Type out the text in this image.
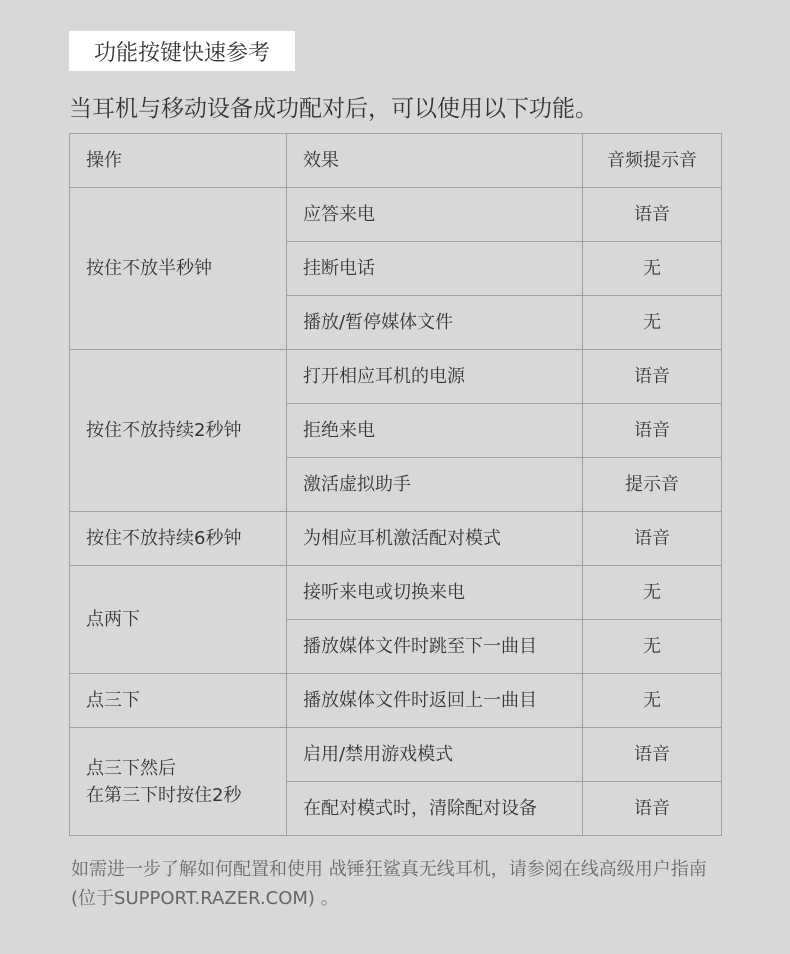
功能按键快速参考
当耳机与移动设备成功配对后，可以使用以下功能。
操作	效果	音频提示音

按住不放半秒钟	应答来电	语音
	挂断电话	无
	播放/暂停媒体文件	无

按住不放持续2秒钟	打开相应耳机的电源	语音
	拒绝来电	语音
	激活虚拟助手	提示音

按住不放持续6秒钟	为相应耳机激活配对模式	语音

点两下	接听来电或切换来电	无
	播放媒体文件时跳至下一曲目	无

点三下	播放媒体文件时返回上一曲目	无

点三下然后
在第三下时按住2秒	启用/禁用游戏模式	语音
	在配对模式时，清除配对设备	语音
如需进一步了解如何配置和使用 战锤狂鲨真无线耳机，请参阅在线高级用户指南 (位于SUPPORT.RAZER.COM) 。
